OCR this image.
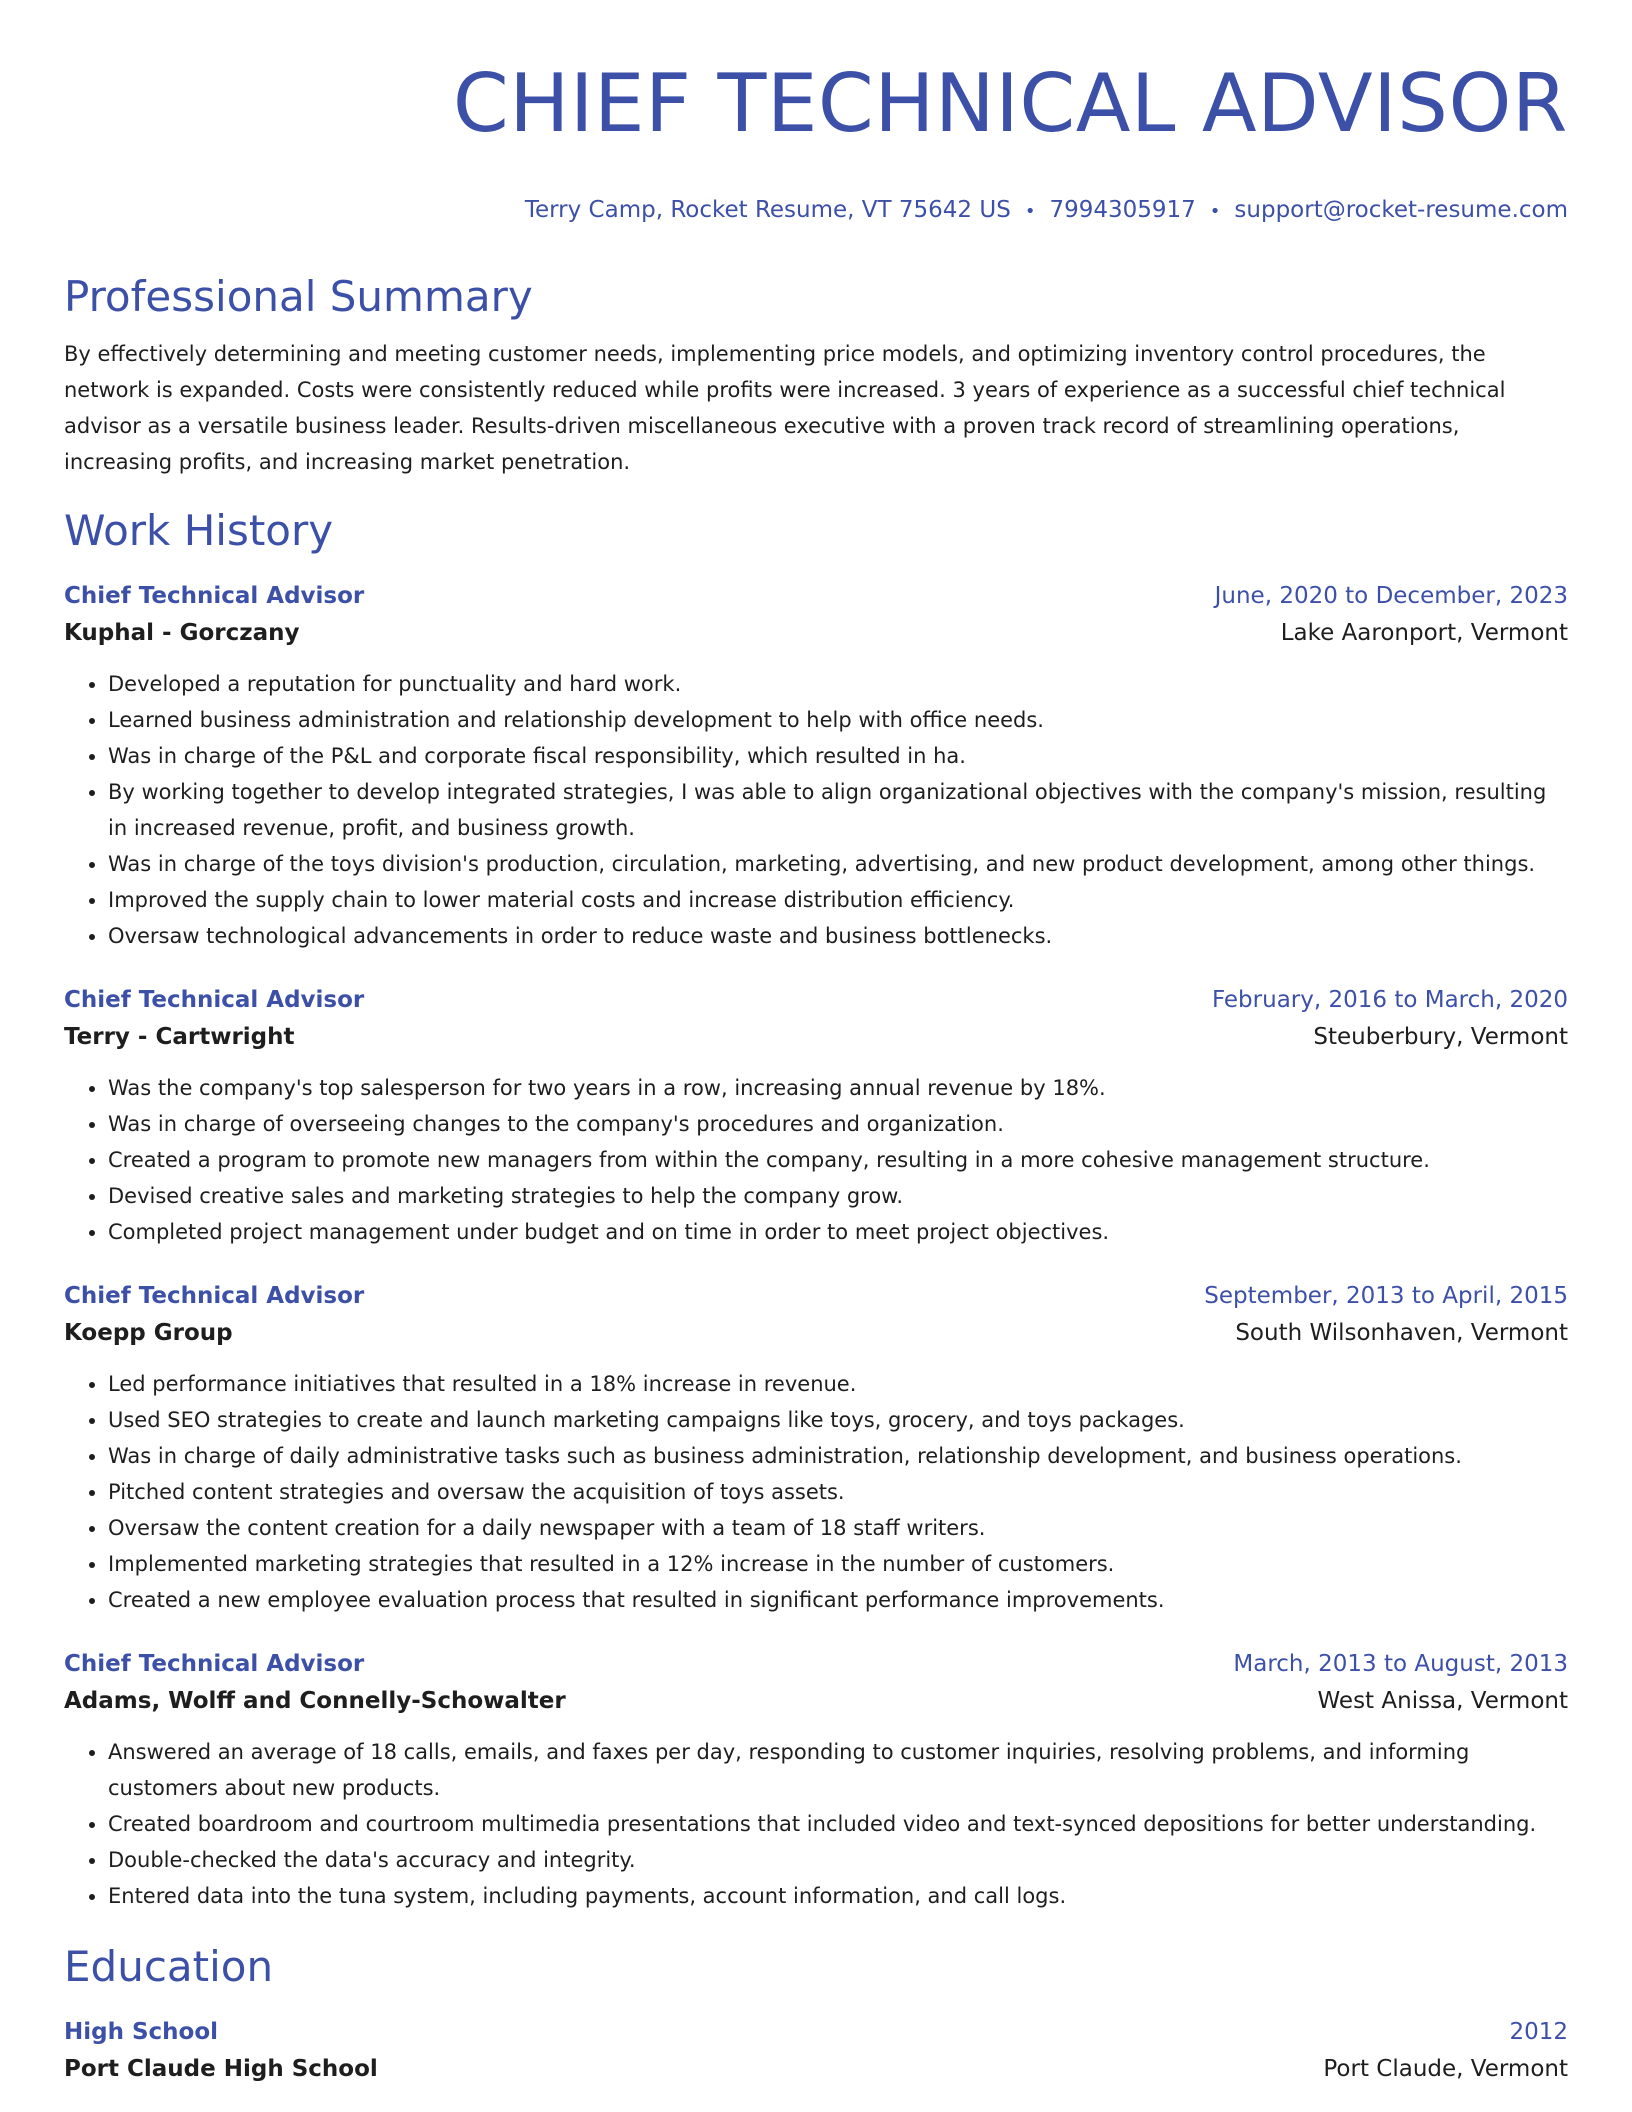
CHIEF TECHNICAL ADVISOR
Terry Camp, Rocket Resume, VT 75642 US • 7994305917 • support@rocket-resume.com
Professional Summary
By effectively determining and meeting customer needs, implementing price models, and optimizing inventory control procedures, the network is expanded. Costs were consistently reduced while profits were increased. 3 years of experience as a successful chief technical advisor as a versatile business leader. Results-driven miscellaneous executive with a proven track record of streamlining operations, increasing profits, and increasing market penetration.
Work History
Chief Technical Advisor	June, 2020 to December, 2023
Kuphal - Gorczany	Lake Aaronport, Vermont
• Developed a reputation for punctuality and hard work.
• Learned business administration and relationship development to help with office needs.
• Was in charge of the P&L and corporate fiscal responsibility, which resulted in ha.
• By working together to develop integrated strategies, I was able to align organizational objectives with the company's mission, resulting in increased revenue, profit, and business growth.
• Was in charge of the toys division's production, circulation, marketing, advertising, and new product development, among other things.
• Improved the supply chain to lower material costs and increase distribution efficiency.
• Oversaw technological advancements in order to reduce waste and business bottlenecks.
Chief Technical Advisor	February, 2016 to March, 2020
Terry - Cartwright	Steuberbury, Vermont
• Was the company's top salesperson for two years in a row, increasing annual revenue by 18%.
• Was in charge of overseeing changes to the company's procedures and organization.
• Created a program to promote new managers from within the company, resulting in a more cohesive management structure.
• Devised creative sales and marketing strategies to help the company grow.
• Completed project management under budget and on time in order to meet project objectives.
Chief Technical Advisor	September, 2013 to April, 2015
Koepp Group	South Wilsonhaven, Vermont
• Led performance initiatives that resulted in a 18% increase in revenue.
• Used SEO strategies to create and launch marketing campaigns like toys, grocery, and toys packages.
• Was in charge of daily administrative tasks such as business administration, relationship development, and business operations.
• Pitched content strategies and oversaw the acquisition of toys assets.
• Oversaw the content creation for a daily newspaper with a team of 18 staff writers.
• Implemented marketing strategies that resulted in a 12% increase in the number of customers.
• Created a new employee evaluation process that resulted in significant performance improvements.
Chief Technical Advisor	March, 2013 to August, 2013
Adams, Wolff and Connelly-Schowalter	West Anissa, Vermont
• Answered an average of 18 calls, emails, and faxes per day, responding to customer inquiries, resolving problems, and informing customers about new products.
• Created boardroom and courtroom multimedia presentations that included video and text-synced depositions for better understanding.
• Double-checked the data's accuracy and integrity.
• Entered data into the tuna system, including payments, account information, and call logs.
Education
High School	2012
Port Claude High School	Port Claude, Vermont
